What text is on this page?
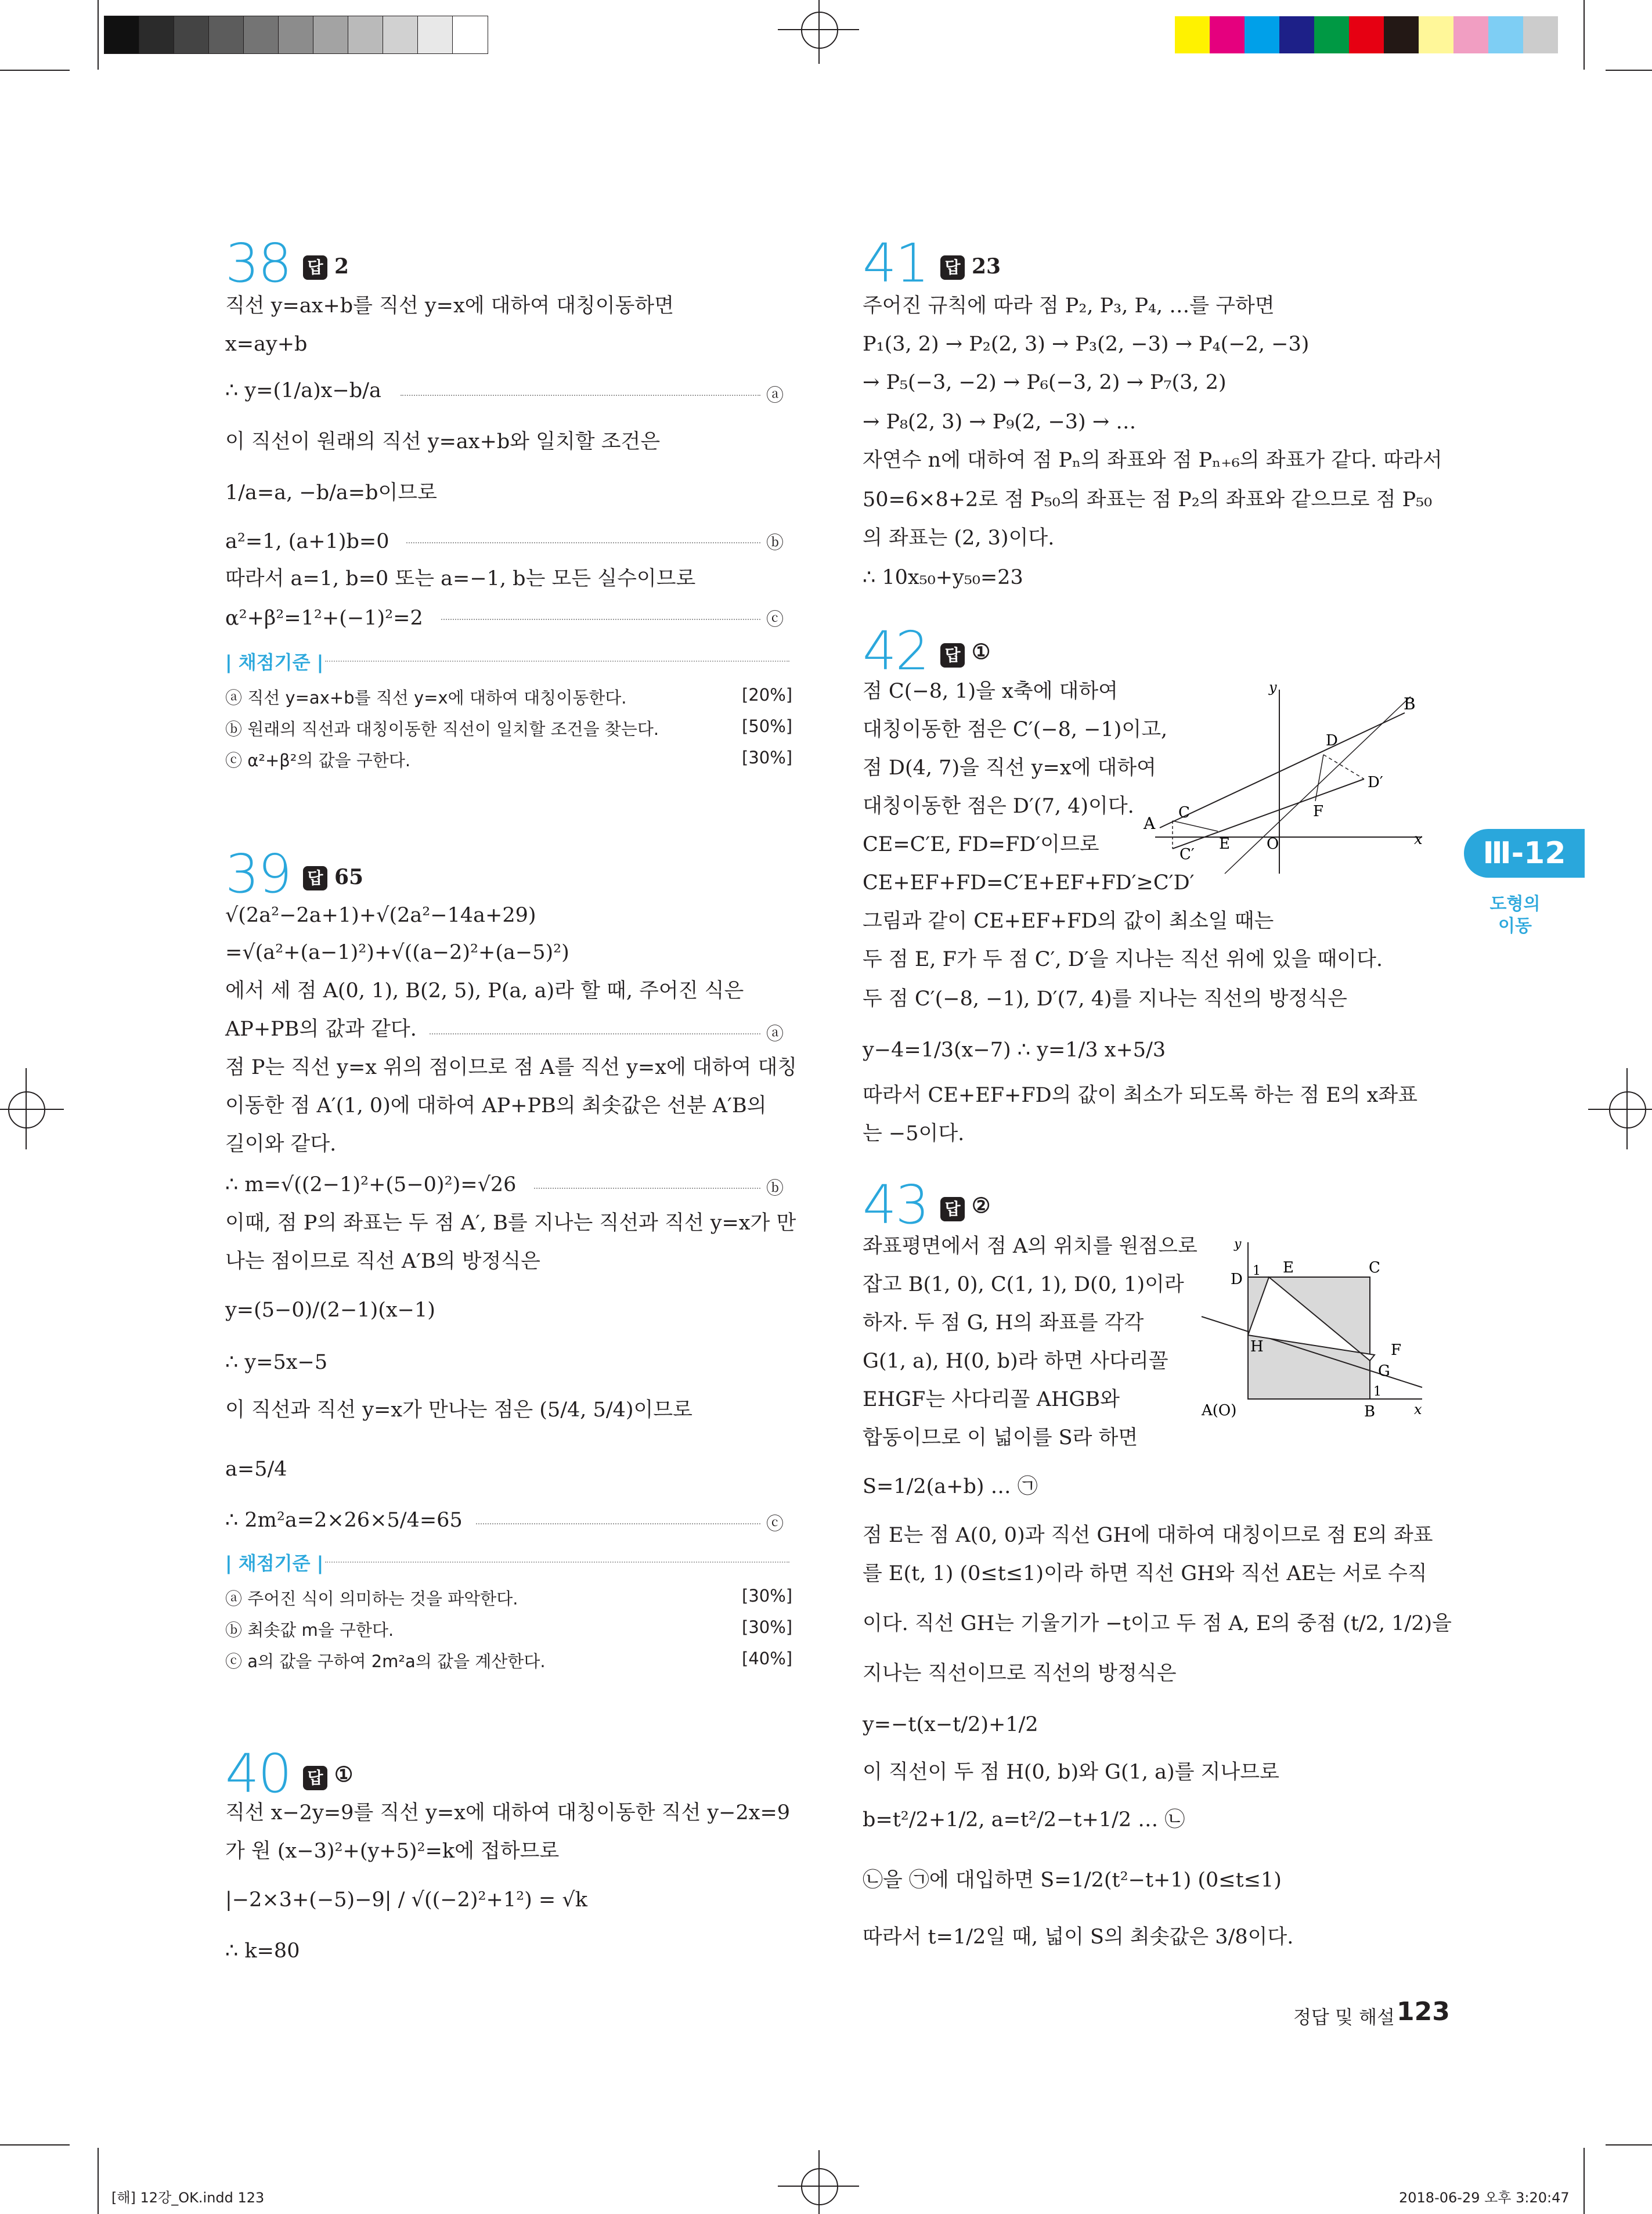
38 답 2
직선 y=ax+b를 직선 y=x에 대하여 대칭이동하면
x=ay+b
∴ y=(1/a)x−b/a	ⓐ
이 직선이 원래의 직선 y=ax+b와 일치할 조건은
1/a=a, −b/a=b이므로
a²=1, (a+1)b=0	ⓑ
따라서 a=1, b=0 또는 a=−1, b는 모든 실수이므로
α²+β²=1²+(−1)²=2	ⓒ
| 채점기준 |
ⓐ 직선 y=ax+b를 직선 y=x에 대하여 대칭이동한다.	[20%]
ⓑ 원래의 직선과 대칭이동한 직선이 일치할 조건을 찾는다.	[50%]
ⓒ α²+β²의 값을 구한다.	[30%]
39 답 65
√(2a²−2a+1)+√(2a²−14a+29)
=√(a²+(a−1)²)+√((a−2)²+(a−5)²)
에서 세 점 A(0, 1), B(2, 5), P(a, a)라 할 때, 주어진 식은
AP+PB의 값과 같다.	ⓐ
점 P는 직선 y=x 위의 점이므로 점 A를 직선 y=x에 대하여 대칭
이동한 점 A′(1, 0)에 대하여 AP+PB의 최솟값은 선분 A′B의
길이와 같다.
∴ m=√((2−1)²+(5−0)²)=√26	ⓑ
이때, 점 P의 좌표는 두 점 A′, B를 지나는 직선과 직선 y=x가 만
나는 점이므로 직선 A′B의 방정식은
y=(5−0)/(2−1)(x−1)
∴ y=5x−5
이 직선과 직선 y=x가 만나는 점은 (5/4, 5/4)이므로
a=5/4
∴ 2m²a=2×26×5/4=65	ⓒ
| 채점기준 |
ⓐ 주어진 식이 의미하는 것을 파악한다.	[30%]
ⓑ 최솟값 m을 구한다.	[30%]
ⓒ a의 값을 구하여 2m²a의 값을 계산한다.	[40%]
40 답 ①
직선 x−2y=9를 직선 y=x에 대하여 대칭이동한 직선 y−2x=9
가 원 (x−3)²+(y+5)²=k에 접하므로
|−2×3+(−5)−9| / √((−2)²+1²) = √k
∴ k=80
41 답 23
주어진 규칙에 따라 점 P₂, P₃, P₄, …를 구하면
P₁(3, 2) → P₂(2, 3) → P₃(2, −3) → P₄(−2, −3)
→ P₅(−3, −2) → P₆(−3, 2) → P₇(3, 2)
→ P₈(2, 3) → P₉(2, −3) → …
자연수 n에 대하여 점 Pₙ의 좌표와 점 Pₙ₊₆의 좌표가 같다. 따라서
50=6×8+2로 점 P₅₀의 좌표는 점 P₂의 좌표와 같으므로 점 P₅₀
의 좌표는 (2, 3)이다.
∴ 10x₅₀+y₅₀=23
42 답 ①
점 C(−8, 1)을 x축에 대하여
대칭이동한 점은 C′(−8, −1)이고,
점 D(4, 7)을 직선 y=x에 대하여
대칭이동한 점은 D′(7, 4)이다.
CE=C′E, FD=FD′이므로
CE+EF+FD=C′E+EF+FD′≥C′D′
그림과 같이 CE+EF+FD의 값이 최소일 때는
두 점 E, F가 두 점 C′, D′을 지나는 직선 위에 있을 때이다.
두 점 C′(−8, −1), D′(7, 4)를 지나는 직선의 방정식은
y−4=1/3(x−7) ∴ y=1/3 x+5/3
따라서 CE+EF+FD의 값이 최소가 되도록 하는 점 E의 x좌표
는 −5이다.
y
x
O
A
B
C
C′
D
D′
E
F
43 답 ②
좌표평면에서 점 A의 위치를 원점으로
잡고 B(1, 0), C(1, 1), D(0, 1)이라
하자. 두 점 G, H의 좌표를 각각
G(1, a), H(0, b)라 하면 사다리꼴
EHGF는 사다리꼴 AHGB와
합동이므로 이 넓이를 S라 하면
S=1/2(a+b) … ㉠
점 E는 점 A(0, 0)과 직선 GH에 대하여 대칭이므로 점 E의 좌표
를 E(t, 1) (0≤t≤1)이라 하면 직선 GH와 직선 AE는 서로 수직
이다. 직선 GH는 기울기가 −t이고 두 점 A, E의 중점 (t/2, 1/2)을
지나는 직선이므로 직선의 방정식은
y=−t(x−t/2)+1/2
이 직선이 두 점 H(0, b)와 G(1, a)를 지나므로
b=t²/2+1/2, a=t²/2−t+1/2 … ㉡
㉡을 ㉠에 대입하면 S=1/2(t²−t+1) (0≤t≤1)
따라서 t=1/2일 때, 넓이 S의 최솟값은 3/8이다.
y
x
1
1
A(O)	B
C
D
E
F
G
H
Ⅲ-12
도형의
이동
정답 및 해설 123
[해] 12강_OK.indd 123	2018-06-29 오후 3:20:47
